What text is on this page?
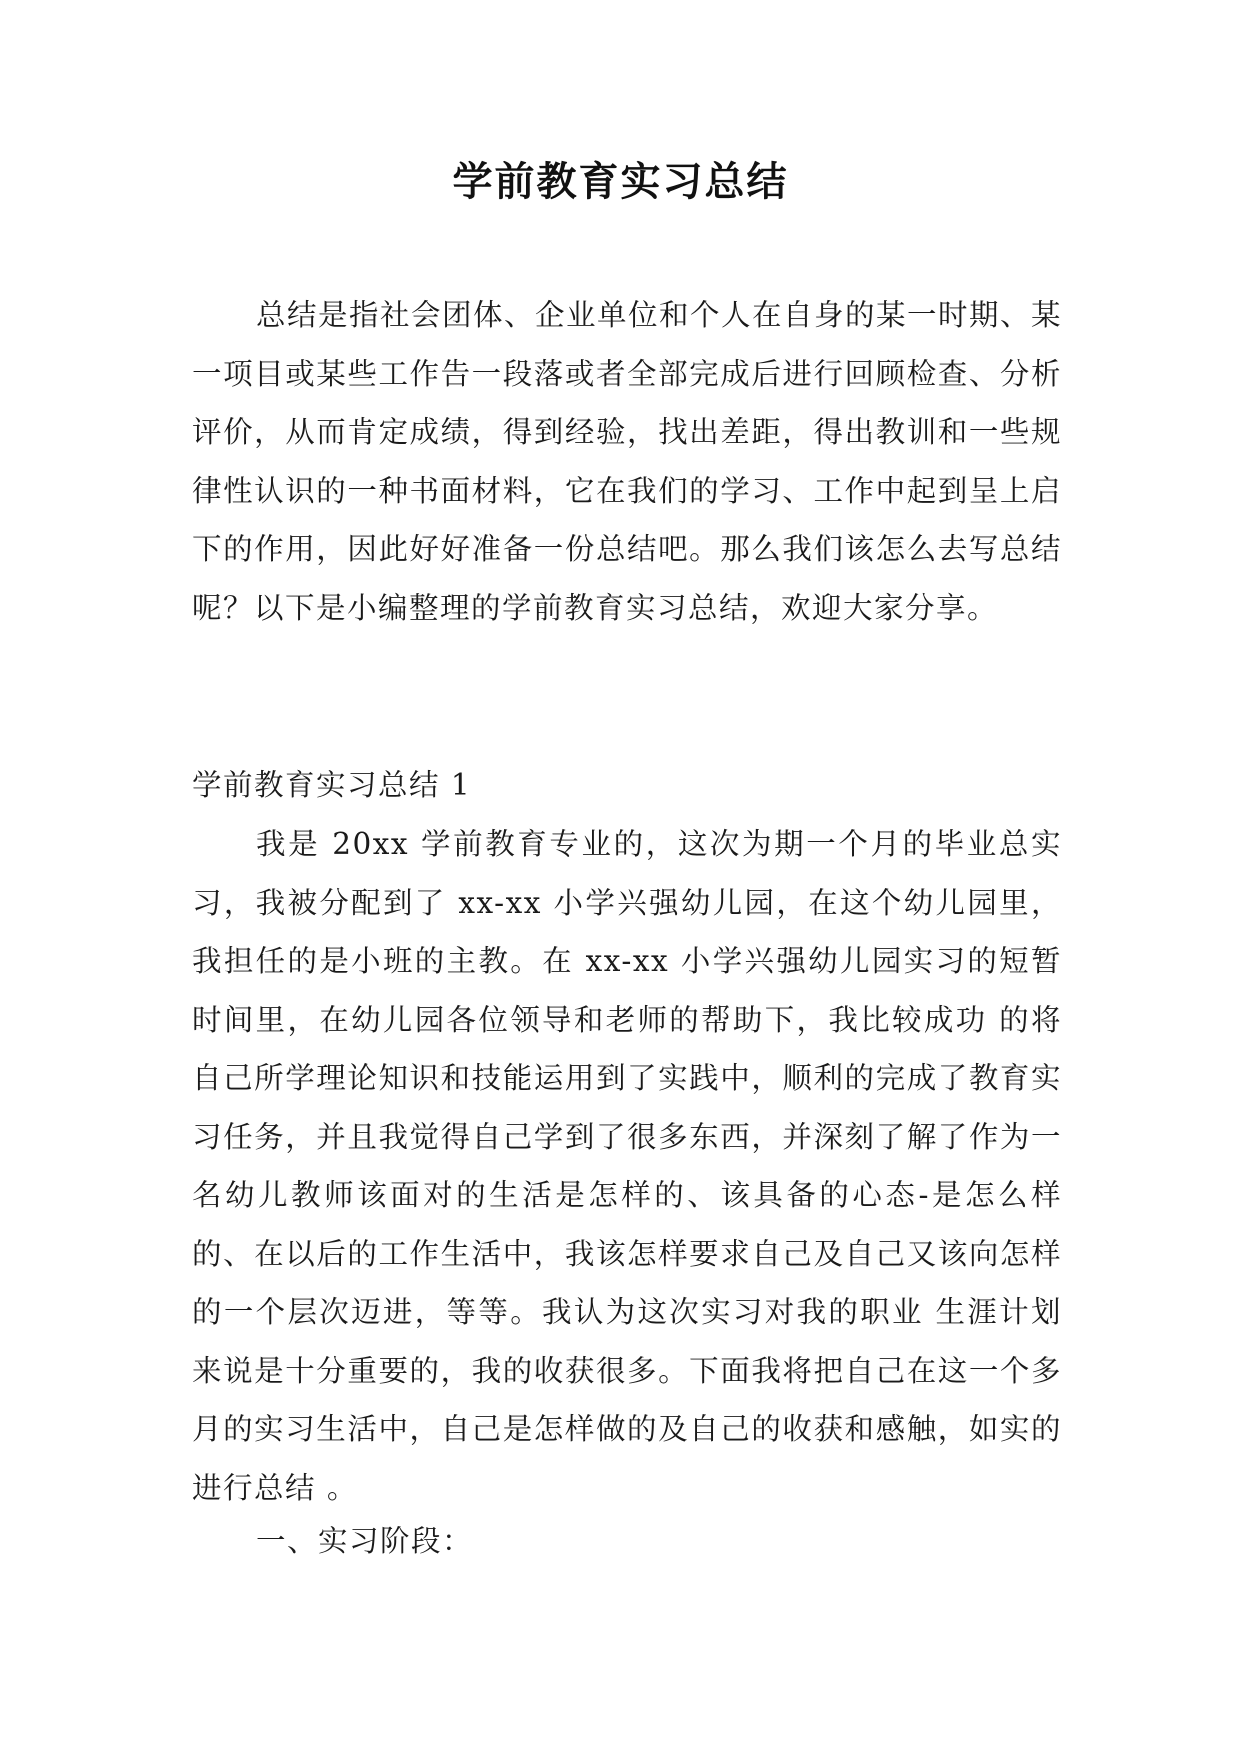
学前教育实习总结

总结是指社会团体、企业单位和个人在自身的某一时期、某一项目或某些工作告一段落或者全部完成后进行回顾检查、分析评价，从而肯定成绩，得到经验，找出差距，得出教训和一些规律性认识的一种书面材料，它在我们的学习、工作中起到呈上启下的作用，因此好好准备一份总结吧。那么我们该怎么去写总结呢？以下是小编整理的学前教育实习总结，欢迎大家分享。

学前教育实习总结 1

我是 20xx 学前教育专业的，这次为期一个月的毕业总实习，我被分配到了 xx-xx 小学兴强幼儿园，在这个幼儿园里，我担任的是小班的主教。在 xx-xx 小学兴强幼儿园实习的短暂时间里，在幼儿园各位领导和老师的帮助下，我比较成功 的将自己所学理论知识和技能运用到了实践中，顺利的完成了教育实习任务，并且我觉得自己学到了很多东西，并深刻了解了作为一名幼儿教师该面对的生活是怎样的、该具备的心态-是怎么样的、在以后的工作生活中，我该怎样要求自己及自己又该向怎样的一个层次迈进，等等。我认为这次实习对我的职业 生涯计划来说是十分重要的，我的收获很多。下面我将把自己在这一个多月的实习生活中，自己是怎样做的及自己的收获和感触，如实的进行总结 。

一、实习阶段：
